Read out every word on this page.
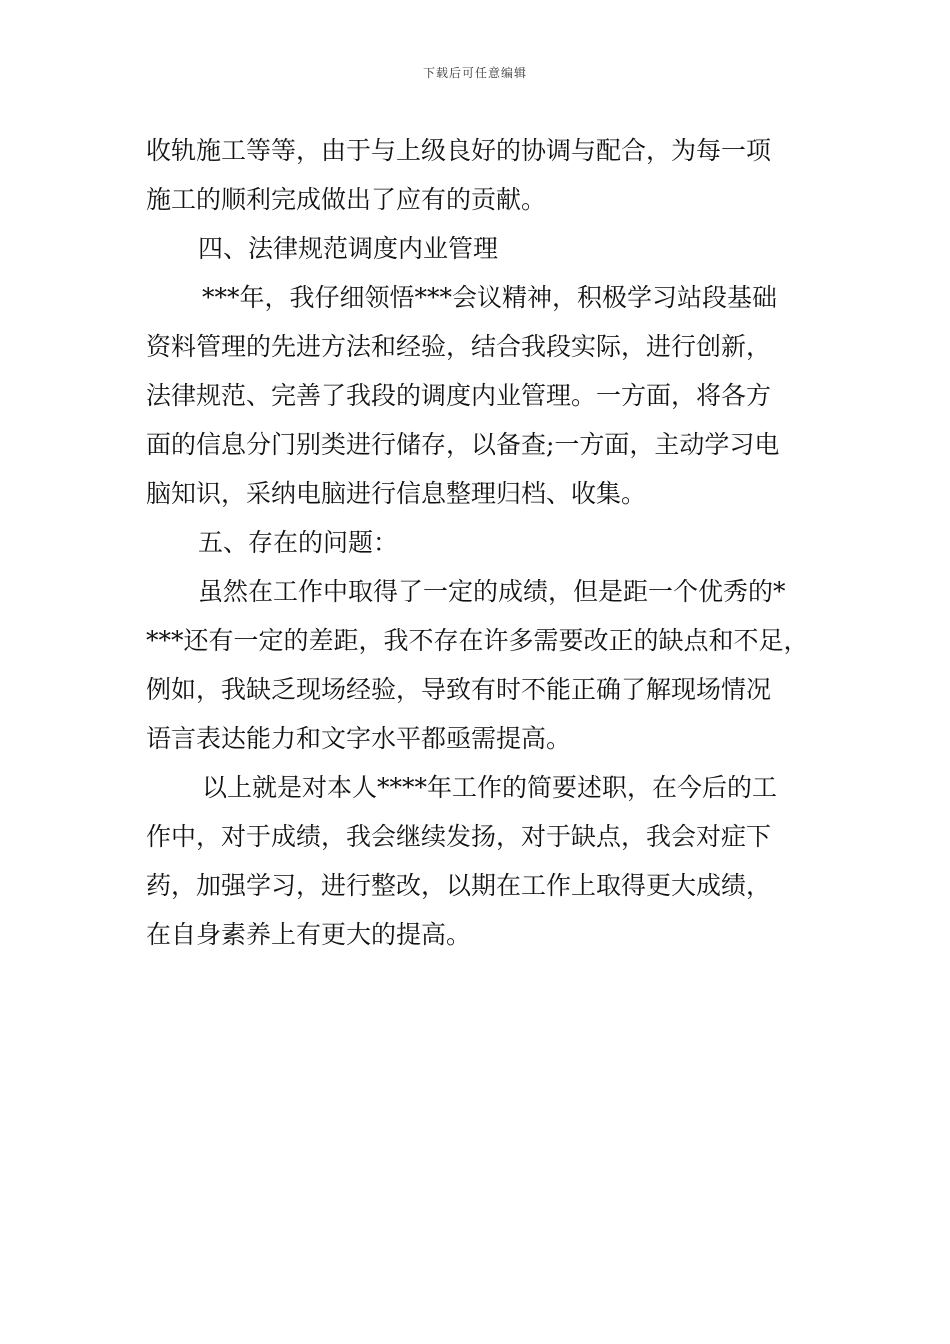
下载后可任意编辑
收轨施工等等，由于与上级良好的协调与配合，为每一项
施工的顺利完成做出了应有的贡献。
四、法律规范调度内业管理
***年，我仔细领悟***会议精神，积极学习站段基础
资料管理的先进方法和经验，结合我段实际，进行创新，
法律规范、完善了我段的调度内业管理。一方面，将各方
面的信息分门别类进行储存，以备查;一方面，主动学习电
脑知识，采纳电脑进行信息整理归档、收集。
五、存在的问题：
虽然在工作中取得了一定的成绩，但是距一个优秀的*
***还有一定的差距，我不存在许多需要改正的缺点和不足，
例如，我缺乏现场经验，导致有时不能正确了解现场情况
语言表达能力和文字水平都亟需提高。
以上就是对本人****年工作的简要述职，在今后的工
作中，对于成绩，我会继续发扬，对于缺点，我会对症下
药，加强学习，进行整改，以期在工作上取得更大成绩，
在自身素养上有更大的提高。
